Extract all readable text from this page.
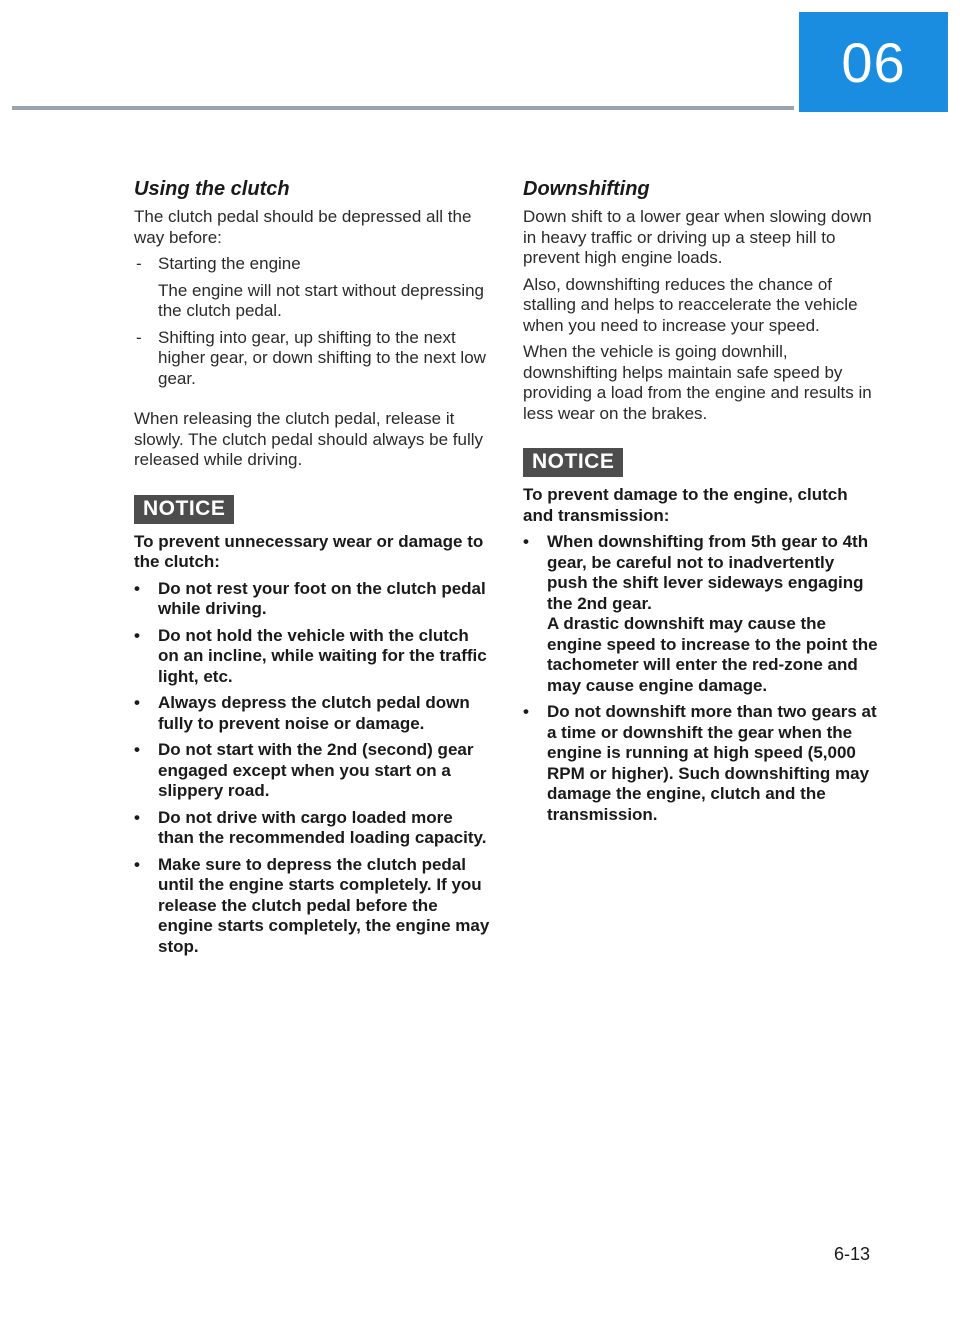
06
Using the clutch

The clutch pedal should be depressed all the way before:

- Starting the engine
The engine will not start without depressing the clutch pedal.
- Shifting into gear, up shifting to the next higher gear, or down shifting to the next low gear.

When releasing the clutch pedal, release it slowly. The clutch pedal should always be fully released while driving.

NOTICE
To prevent unnecessary wear or damage to the clutch:
• Do not rest your foot on the clutch pedal while driving.
• Do not hold the vehicle with the clutch on an incline, while waiting for the traffic light, etc.
• Always depress the clutch pedal down fully to prevent noise or damage.
• Do not start with the 2nd (second) gear engaged except when you start on a slippery road.
• Do not drive with cargo loaded more than the recommended loading capacity.
• Make sure to depress the clutch pedal until the engine starts completely. If you release the clutch pedal before the engine starts completely, the engine may stop.
Downshifting

Down shift to a lower gear when slowing down in heavy traffic or driving up a steep hill to prevent high engine loads.

Also, downshifting reduces the chance of stalling and helps to reaccelerate the vehicle when you need to increase your speed.

When the vehicle is going downhill, downshifting helps maintain safe speed by providing a load from the engine and results in less wear on the brakes.

NOTICE
To prevent damage to the engine, clutch and transmission:
• When downshifting from 5th gear to 4th gear, be careful not to inadvertently push the shift lever sideways engaging the 2nd gear.
A drastic downshift may cause the engine speed to increase to the point the tachometer will enter the red-zone and may cause engine damage.
• Do not downshift more than two gears at a time or downshift the gear when the engine is running at high speed (5,000 RPM or higher). Such downshifting may damage the engine, clutch and the transmission.
6-13
